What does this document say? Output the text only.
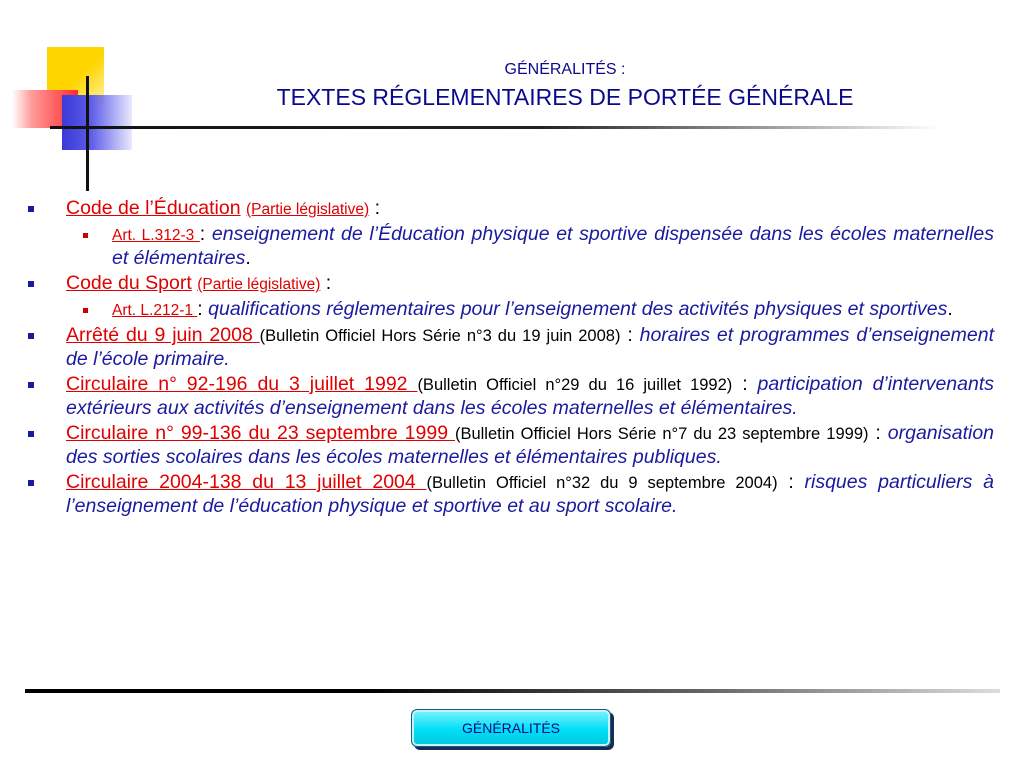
GÉNÉRALITÉS :
TEXTES RÉGLEMENTAIRES DE PORTÉE GÉNÉRALE
Code de l’Éducation (Partie législative) :
Art. L.312-3 : enseignement de l’Éducation physique et sportive dispensée dans les écoles maternelles et élémentaires.
Code du Sport (Partie législative) :
Art. L.212-1 : qualifications réglementaires pour l’enseignement des activités physiques et sportives.
Arrêté du 9 juin 2008 (Bulletin Officiel Hors Série n°3 du 19 juin 2008) : horaires et programmes d’enseignement de l’école primaire.
Circulaire n° 92-196 du 3 juillet 1992 (Bulletin Officiel n°29 du 16 juillet 1992) : participation d’intervenants extérieurs aux activités d’enseignement dans les écoles maternelles et élémentaires.
Circulaire n° 99-136 du 23 septembre 1999 (Bulletin Officiel Hors Série n°7 du 23 septembre 1999) : organisation des sorties scolaires dans les écoles maternelles et élémentaires publiques.
Circulaire 2004-138 du 13 juillet 2004 (Bulletin Officiel n°32 du 9 septembre 2004) : risques particuliers à l’enseignement de l’éducation physique et sportive et au sport scolaire.
GÉNÉRALITÉS
